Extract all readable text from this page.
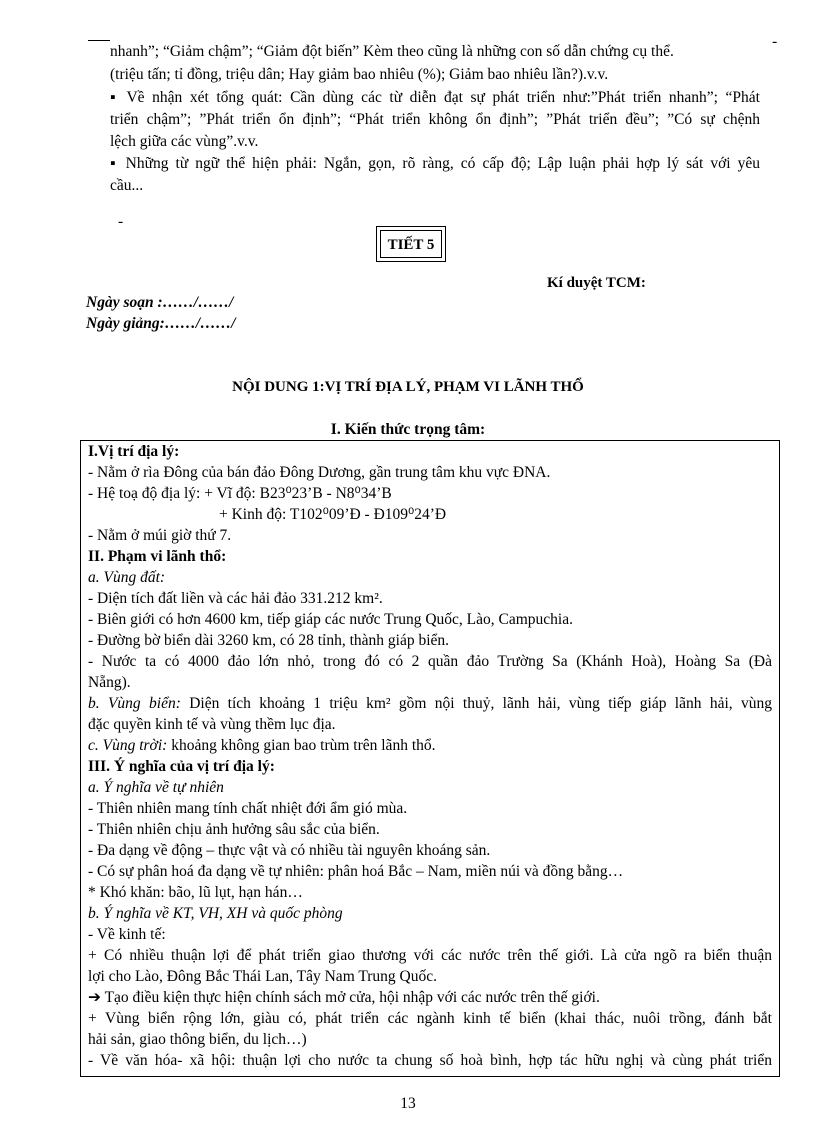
nhanh”; “Giảm chậm”; “Giảm đột biến” Kèm theo cũng là những con số dẫn chứng cụ thể.
-
(triệu tấn; tỉ đồng, triệu dân; Hay giảm bao nhiêu (%); Giảm bao nhiêu lần?).v.v.
▪ Về nhận xét tổng quát: Cần dùng các từ diễn đạt sự phát triển như:”Phát triển nhanh”; “Phát
triển chậm”; ”Phát triển ổn định”; “Phát triển không ổn định”; ”Phát triển đều”; ”Có sự chệnh
lệch giữa các vùng”.v.v.
▪ Những từ ngữ thể hiện phải: Ngắn, gọn, rõ ràng, có cấp độ; Lập luận phải hợp lý sát với yêu
cầu...
-
TIẾT 5
Kí duyệt TCM:
Ngày soạn :……/……/
Ngày giảng:……/……/
NỘI DUNG 1:VỊ TRÍ ĐỊA LÝ, PHẠM VI LÃNH THỔ
I. Kiến thức trọng tâm:
I.Vị trí địa lý:
- Nằm ở rìa Đông của bán đảo Đông Dương, gần trung tâm khu vực ĐNA.
- Hệ toạ độ địa lý: + Vĩ độ: B23⁰23’B - N8⁰34’B
+ Kinh độ: T102⁰09’Đ - Đ109⁰24’Đ
- Nằm ở múi giờ thứ 7.
II. Phạm vi lãnh thổ:
a. Vùng đất:
- Diện tích đất liền và các hải đảo 331.212 km².
- Biên giới có hơn 4600 km, tiếp giáp các nước Trung Quốc, Lào, Campuchia.
- Đường bờ biển dài 3260 km, có 28 tỉnh, thành giáp biển.
- Nước ta có 4000 đảo lớn nhỏ, trong đó có 2 quần đảo Trường Sa (Khánh Hoà), Hoàng Sa (Đà
Nẵng).
b. Vùng biển: Diện tích khoảng 1 triệu km² gồm nội thuỷ, lãnh hải, vùng tiếp giáp lãnh hải, vùng
đặc quyền kinh tế và vùng thềm lục địa.
c. Vùng trời: khoảng không gian bao trùm trên lãnh thổ.
III. Ý nghĩa của vị trí địa lý:
a. Ý nghĩa về tự nhiên
- Thiên nhiên mang tính chất nhiệt đới ẩm gió mùa.
- Thiên nhiên chịu ảnh hưởng sâu sắc của biển.
- Đa dạng về động – thực vật và có nhiều tài nguyên khoáng sản.
- Có sự phân hoá đa dạng về tự nhiên: phân hoá Bắc – Nam, miền núi và đồng bằng…
* Khó khăn: bão, lũ lụt, hạn hán…
b. Ý nghĩa về KT, VH, XH và quốc phòng
- Về kinh tế:
+ Có nhiều thuận lợi để phát triển giao thương với các nước trên thế giới. Là cửa ngõ ra biển thuận
lợi cho Lào, Đông Bắc Thái Lan, Tây Nam Trung Quốc.
➔ Tạo điều kiện thực hiện chính sách mở cửa, hội nhập với các nước trên thế giới.
+ Vùng biển rộng lớn, giàu có, phát triển các ngành kinh tế biển (khai thác, nuôi trồng, đánh bắt
hải sản, giao thông biển, du lịch…)
- Về văn hóa- xã hội: thuận lợi cho nước ta chung số hoà bình, hợp tác hữu nghị và cùng phát triển
13
